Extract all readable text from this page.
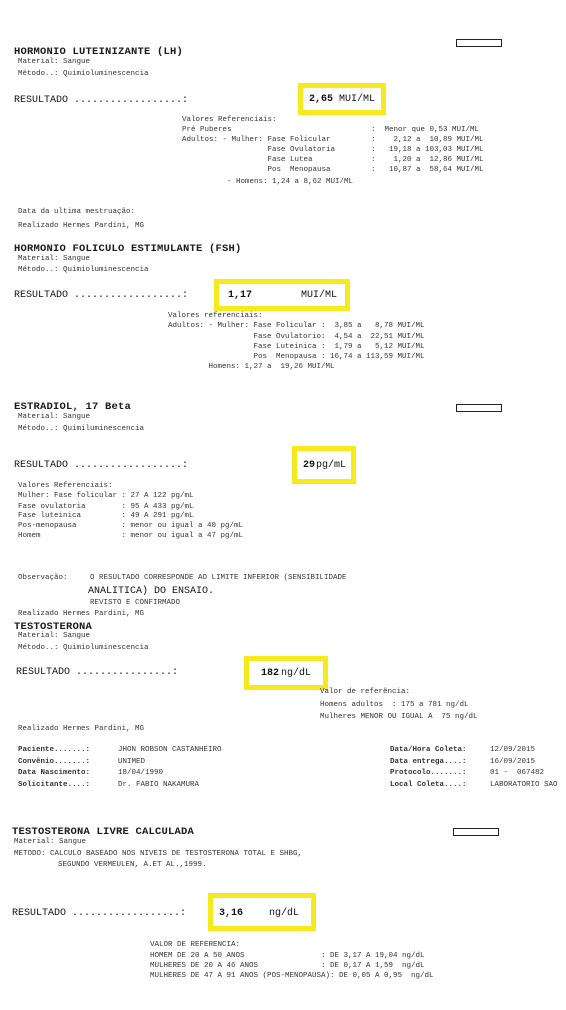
HORMONIO LUTEINIZANTE (LH)
Material: Sangue
Método..: Quimioluminescencia
RESULTADO ..................:

	2,65

MUI/ML

Valores Referenciais:
Pré Puberes                               :  Menor que 0,53 MUI/ML
Adultos: - Mulher: Fase Folicular         :    2,12 a  10,89 MUI/ML
Fase Ovulatoria        :   19,18 a 103,03 MUI/ML
Fase Lutea             :    1,20 a  12,86 MUI/ML
Pos  Menopausa         :   10,87 a  58,64 MUI/ML
- Homens: 1,24 a 8,62 MUI/ML
Data da ultima mestruação:
Realizado Hermes Pardini, MG
HORMONIO FOLICULO ESTIMULANTE (FSH)
Material: Sangue
Método..: Quimioluminescencia
RESULTADO ..................:

	1,17

	MUI/ML

Valores referenciais:
Adultos: - Mulher: Fase Folicular :  3,85 a   8,78 MUI/ML
Fase Ovulatorio:  4,54 a  22,51 MUI/ML
Fase Luteinica :  1,79 a   5,12 MUI/ML
Pos  Menopausa : 16,74 a 113,59 MUI/ML
Homens: 1,27 a  19,26 MUI/ML
ESTRADIOL, 17 Beta
Material: Sangue
Método..: Quimiluminescencia
RESULTADO ..................:

	29

pg/mL

Valores Referenciais:
Mulher: Fase folicular : 27 A 122 pg/mL
Fase ovulatoria        : 95 A 433 pg/mL
Fase luteinica         : 49 A 291 pg/mL
Pos-menopausa          : menor ou igual a 40 pg/mL
Homem                  : menor ou igual a 47 pg/mL
Observação:	O RESULTADO CORRESPONDE AO LIMITE INFERIOR (SENSIBILIDADE
ANALITICA) DO ENSAIO.
REVISTO E CONFIRMADO
Realizado Hermes Pardini, MG
TESTOSTERONA
Material: Sangue
Método..: Quimioluminescencia
RESULTADO ................:

	182

ng/dL

Valor de referência:
Homens adultos  : 175 a 781 ng/dL
Mulheres MENOR OU IGUAL A  75 ng/dL
Realizado Hermes Pardini, MG
Paciente.......:	JHON ROBSON CASTANHEIRO
Convênio.......:	UNIMED
Data Nascimento:	18/04/1990
Solicitante....:	Dr. FABIO NAKAMURA
Data/Hora Coleta:	12/09/2015
Data entrega....:	16/09/2015
Protocolo.......:	01 -  067482
Local Coleta....:	LABORATORIO SAO
TESTOSTERONA LIVRE CALCULADA
Material: Sangue
METODO: CALCULO BASEADO NOS NIVEIS DE TESTOSTERONA TOTAL E SHBG,
SEGUNDO VERMEULEN, A.ET AL.,1999.
RESULTADO ..................:

	3,16

	ng/dL

VALOR DE REFERENCIA:
HOMEM DE 20 A 50 ANOS                 : DE 3,17 A 19,04 ng/dL
MULHERES DE 20 A 46 ANOS              : DE 0,17 A 1,59  ng/dL
MULHERES DE 47 A 91 ANOS (POS-MENOPAUSA): DE 0,05 A 0,95  ng/dL
